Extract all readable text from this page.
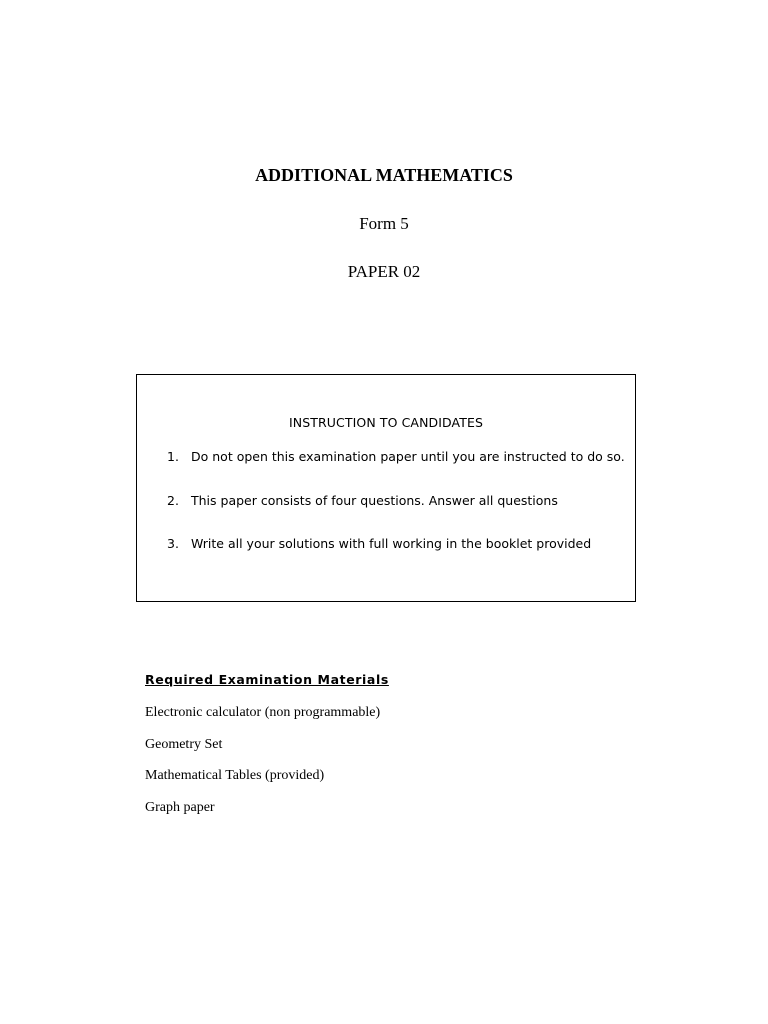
ADDITIONAL MATHEMATICS
Form 5
PAPER 02
INSTRUCTION TO CANDIDATES
1. Do not open this examination paper until you are instructed to do so.
2. This paper consists of four questions. Answer all questions
3. Write all your solutions with full working in the booklet provided
Required Examination Materials
Electronic calculator (non programmable)
Geometry Set
Mathematical Tables (provided)
Graph paper
